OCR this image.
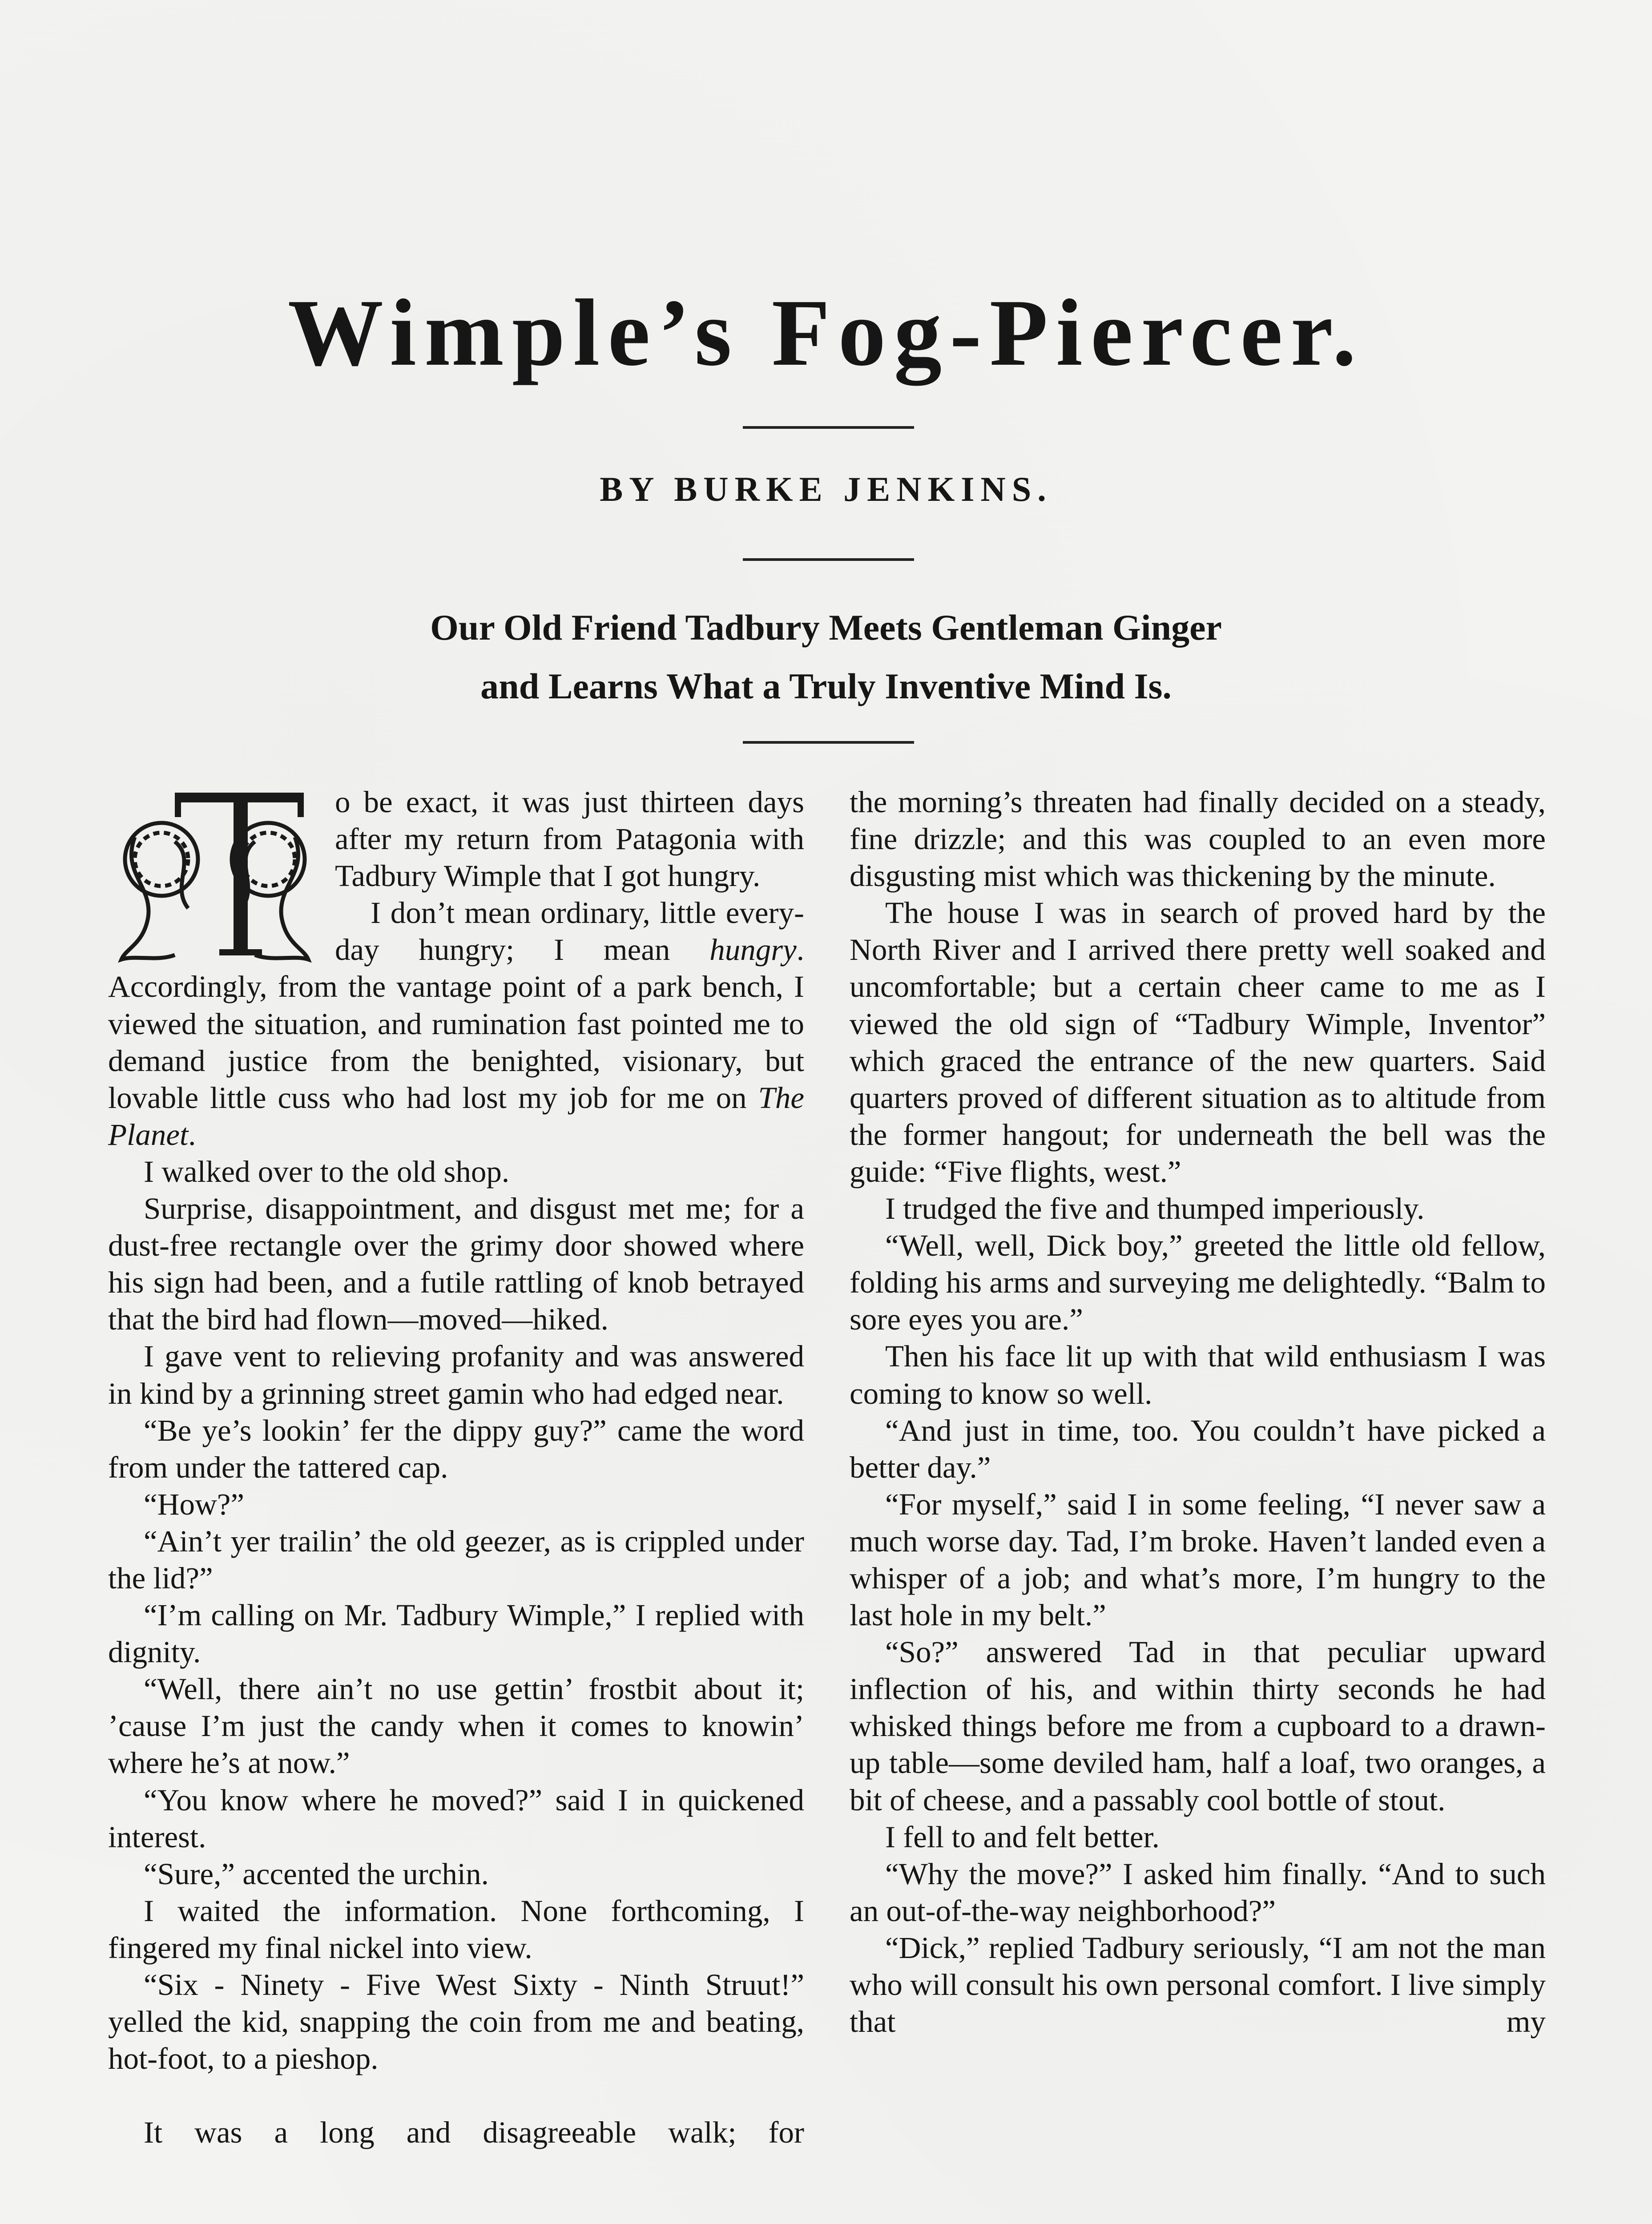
Wimple’s Fog-Piercer.
BY BURKE JENKINS.
Our Old Friend Tadbury Meets Gentleman Ginger
and Learns What a Truly Inventive Mind Is.

o be exact, it was just thirteen days after my return from Patagonia with Tadbury Wimple that I got hungry.

I don’t mean ordinary, little every-day hungry; I mean hungry. Accordingly, from the vantage point of a park bench, I viewed the situation, and rumination fast pointed me to demand justice from the benighted, visionary, but lovable little cuss who had lost my job for me on The Planet.

I walked over to the old shop.

Surprise, disappointment, and disgust met me; for a dust-free rectangle over the grimy door showed where his sign had been, and a futile rattling of knob betrayed that the bird had flown—moved—hiked.

I gave vent to relieving profanity and was answered in kind by a grinning street gamin who had edged near.

“Be ye’s lookin’ fer the dippy guy?” came the word from under the tattered cap.

“How?”

“Ain’t yer trailin’ the old geezer, as is crippled under the lid?”

“I’m calling on Mr. Tadbury Wimple,” I replied with dignity.

“Well, there ain’t no use gettin’ frostbit about it; ’cause I’m just the candy when it comes to knowin’ where he’s at now.”

“You know where he moved?” said I in quickened interest.

“Sure,” accented the urchin.

I waited the information. None forthcoming, I fingered my final nickel into view.

“Six - Ninety - Five West Sixty - Ninth Struut!” yelled the kid, snapping the coin from me and beating, hot-foot, to a pieshop.

It was a long and disagreeable walk; for

the morning’s threaten had finally decided on a steady, fine drizzle; and this was coupled to an even more disgusting mist which was thickening by the minute.

The house I was in search of proved hard by the North River and I arrived there pretty well soaked and uncomfortable; but a certain cheer came to me as I viewed the old sign of “Tadbury Wimple, Inventor” which graced the entrance of the new quarters. Said quarters proved of different situation as to altitude from the former hangout; for underneath the bell was the guide: “Five flights, west.”

I trudged the five and thumped imperiously.

“Well, well, Dick boy,” greeted the little old fellow, folding his arms and surveying me delightedly. “Balm to sore eyes you are.”

Then his face lit up with that wild enthusiasm I was coming to know so well.

“And just in time, too. You couldn’t have picked a better day.”

“For myself,” said I in some feeling, “I never saw a much worse day. Tad, I’m broke. Haven’t landed even a whisper of a job; and what’s more, I’m hungry to the last hole in my belt.”

“So?” answered Tad in that peculiar upward inflection of his, and within thirty seconds he had whisked things before me from a cupboard to a drawn-up table—some deviled ham, half a loaf, two oranges, a bit of cheese, and a passably cool bottle of stout.

I fell to and felt better.

“Why the move?” I asked him finally. “And to such an out-of-the-way neighborhood?”

“Dick,” replied Tadbury seriously, “I am not the man who will consult his own personal comfort. I live simply that my
